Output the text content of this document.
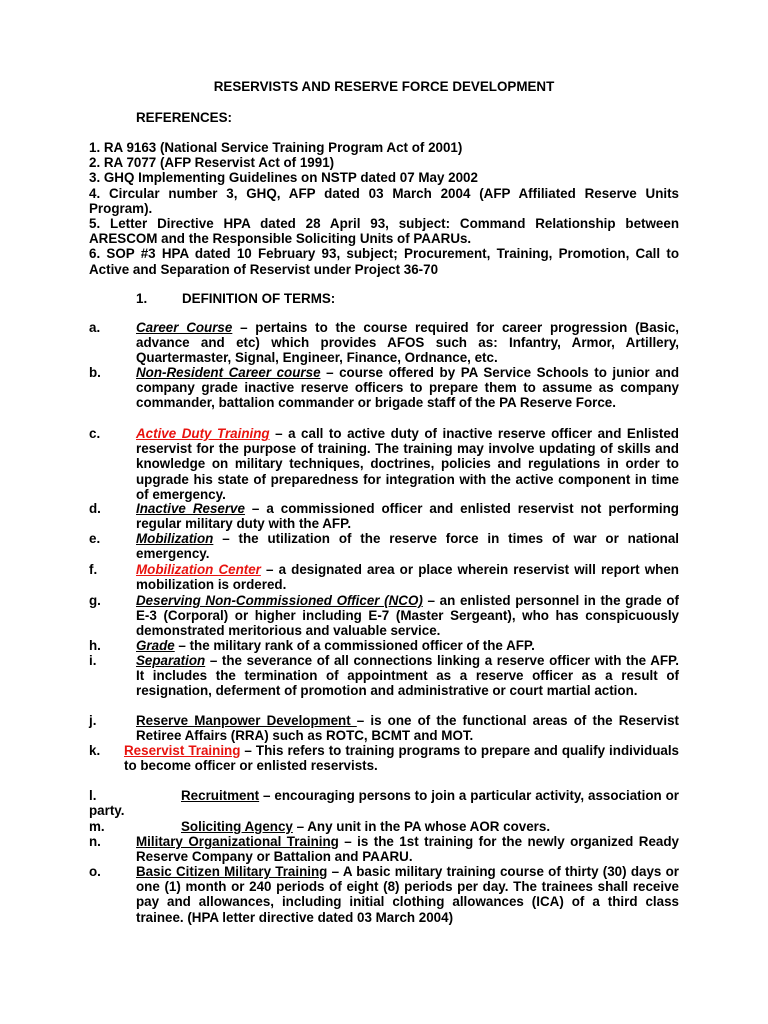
RESERVISTS AND RESERVE FORCE DEVELOPMENT
REFERENCES:
1. RA 9163 (National Service Training Program Act of 2001)
2. RA 7077 (AFP Reservist Act of 1991)
3. GHQ Implementing Guidelines on NSTP dated 07 May 2002
4. Circular number 3, GHQ, AFP dated 03 March 2004 (AFP Affiliated Reserve Units Program).
5. Letter Directive HPA dated 28 April 93, subject: Command Relationship between ARESCOM and the Responsible Soliciting Units of PAARUs.
6. SOP #3 HPA dated 10 February 93, subject; Procurement, Training, Promotion, Call to Active and Separation of Reservist under Project 36-70
1.	DEFINITION OF TERMS:
a.	Career Course – pertains to the course required for career progression (Basic, advance and etc) which provides AFOS such as: Infantry, Armor, Artillery, Quartermaster, Signal, Engineer, Finance, Ordnance, etc.
b.	Non-Resident Career course – course offered by PA Service Schools to junior and company grade inactive reserve officers to prepare them to assume as company commander, battalion commander or brigade staff of the PA Reserve Force.
c.	Active Duty Training – a call to active duty of inactive reserve officer and Enlisted reservist for the purpose of training. The training may involve updating of skills and knowledge on military techniques, doctrines, policies and regulations in order to upgrade his state of preparedness for integration with the active component in time of emergency.
d.	Inactive Reserve – a commissioned officer and enlisted reservist not performing regular military duty with the AFP.
e.	Mobilization – the utilization of the reserve force in times of war or national emergency.
f.	Mobilization Center – a designated area or place wherein reservist will report when mobilization is ordered.
g.	Deserving Non-Commissioned Officer (NCO) – an enlisted personnel in the grade of E-3 (Corporal) or higher including E-7 (Master Sergeant), who has conspicuously demonstrated meritorious and valuable service.
h.	Grade – the military rank of a commissioned officer of the AFP.
i.	Separation – the severance of all connections linking a reserve officer with the AFP. It includes the termination of appointment as a reserve officer as a result of resignation, deferment of promotion and administrative or court martial action.
j.	Reserve Manpower Development – is one of the functional areas of the Reservist Retiree Affairs (RRA) such as ROTC, BCMT and MOT.
k. Reservist Training – This refers to training programs to prepare and qualify individuals to become officer or enlisted reservists.
l.	Recruitment – encouraging persons to join a particular activity, association or party.
m.	Soliciting Agency – Any unit in the PA whose AOR covers.
n.	Military Organizational Training – is the 1st training for the newly organized Ready Reserve Company or Battalion and PAARU.
o.	Basic Citizen Military Training – A basic military training course of thirty (30) days or one (1) month or 240 periods of eight (8) periods per day. The trainees shall receive pay and allowances, including initial clothing allowances (ICA) of a third class trainee. (HPA letter directive dated 03 March 2004)
